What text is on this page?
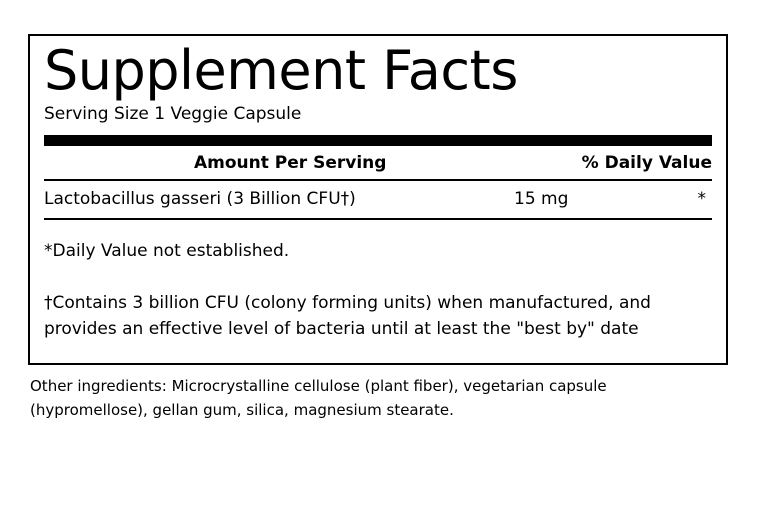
Supplement Facts
Serving Size 1 Veggie Capsule
Amount Per Serving	% Daily Value
Lactobacillus gasseri (3 Billion CFU†)	15 mg	*

*Daily Value not established.

†Contains 3 billion CFU (colony forming units) when manufactured, and provides an effective level of bacteria until at least the "best by" date

Other ingredients: Microcrystalline cellulose (plant fiber), vegetarian capsule (hypromellose), gellan gum, silica, magnesium stearate.
